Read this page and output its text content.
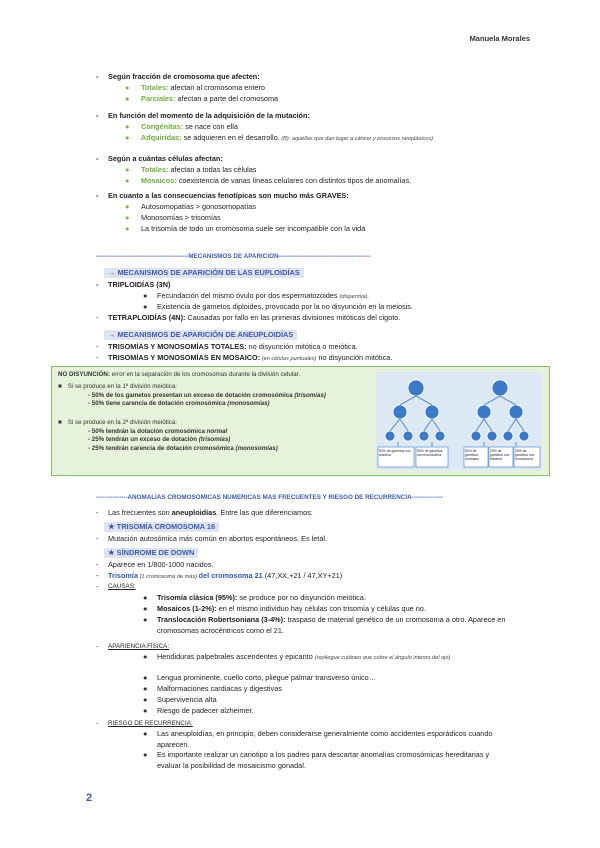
Manuela Morales
- Según fracción de cromosoma que afecten:
● Totales: afectan al cromosoma entero
● Parciales: afectan a parte del cromosoma
- En función del momento de la adquisición de la mutación:
● Congénitas: se nace con ella
● Adquiridas: se adquieren en el desarrollo. (B): aquellas que dan lugar a cáncer y procesos neoplásicos).
- Según a cuántas células afectan:
● Totales: afectan a todas las células
● Mosaicos: coexistencia de varias líneas celulares con distintos tipos de anomalías.
- En cuanto a las consecuencias fenotípicas son mucho más GRAVES:
● Autosomopatías > gonosomopatías
● Monosomías > trisomías
● La trisomía de todo un cromosoma suele ser incompatible con la vida
--------------------------------------------MECANISMOS DE APARICIÓN--------------------------------------------
→ MECANISMOS DE APARICIÓN DE LAS EUPLOIDÍAS
- TRIPLOIDÍAS (3N)
● Fecundación del mismo óvulo por dos espermatozoides (dispermia).
● Existencia de gametos diploides, provocado por la no disyunción en la meiosis.
- TETRAPLOIDÍAS (4N): Causadas por fallo en las primeras divisiones mitóticas del cigoto.
→ MECANISMOS DE APARICIÓN DE ANEUPLOIDÍAS
- TRISOMÍAS Y MONOSOMÍAS TOTALES: no disyunción mitótica o meiótica.
- TRISOMÍAS Y MONOSOMÍAS EN MOSAICO: (en células puntuales) no disyunción mitótica.
NO DISYUNCIÓN: error en la separación de los cromosomas durante la división celular.
■ Si se produce en la 1ª división meiótica:
- 50% de los gametos presentan un exceso de dotación cromosómica (trisomías)
- 50% tiene carencia de dotación cromosómica (monosomías)
■ Si se produce en la 2ª división meiótica:
- 50% tendrán la dotación cromosómica normal
- 25% tendrán un exceso de dotación (trisomías)
- 25% tendrán carencia de dotación cromosómica (monosomías)	50% de gametos con trisomía
50% de gametos con monosomía
50% de gametos normales
25% de gametos con trisomía
25% de gametos con monosomía
---------------ANOMALÍAS CROMOSÓMICAS NUMÉRICAS MÁS FRECUENTES Y RIESGO DE RECURRENCIA---------------
- Las frecuentes son aneuploidías. Entre las que diferenciamos:
★ TRISOMÍA CROMOSOMA 16
- Mutación autosómica más común en abortos espontáneos. Es letal.
★ SÍNDROME DE DOWN
- Aparece en 1/800-1000 nacidos.
- Trisomía (1 cromosoma de más) del cromosoma 21 (47,XX,+21 / 47,XY+21)
- CAUSAS:
● Trisomía clásica (95%): se produce por no disyunción meiótica.
● Mosaicos (1-2%): en el mismo individuo hay células con trisomía y células que no.
● Translocación Robertsoniana (3-4%): traspaso de material genético de un cromosoma a otro. Aparece en cromosomas acrocéntricos como el 21.
- APARIENCIA FÍSICA:
● Hendiduras palpebrales ascendentes y epicanto (repliegue cutáneo que cubre el ángulo interno del ojo)
● Lengua prominente, cuello corto, pliegue palmar transverso único…
● Malformaciones cardiacas y digestivas
● Supervivencia alta
● Riesgo de padecer alzheimer.
- RIESGO DE RECURRENCIA:
● Las aneuploidías, en principio, deben considerarse generalmente como accidentes esporádicos cuando aparecen.
● Es importante realizar un cariotipo a los padres para descartar anomalías cromosómicas hereditarias y evaluar la posibilidad de mosaicismo gonadal.
2
